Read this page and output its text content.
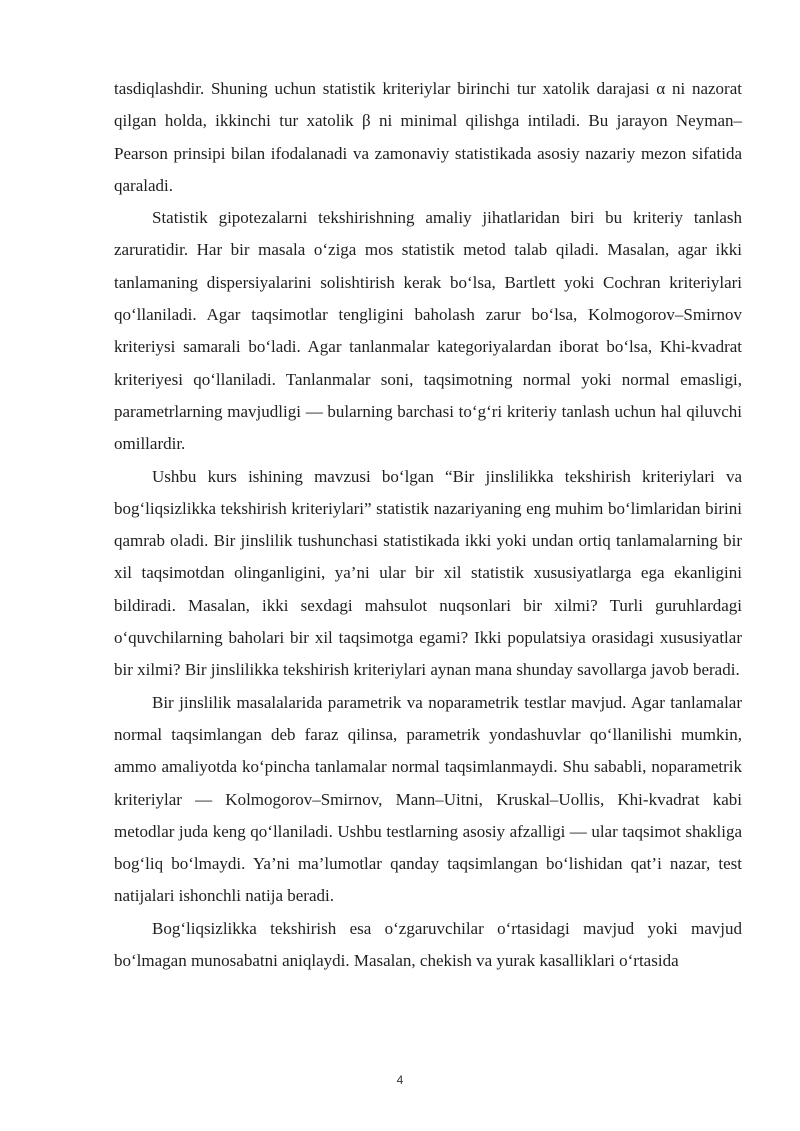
tasdiqlashdir. Shuning uchun statistik kriteriylar birinchi tur xatolik darajasi α ni nazorat qilgan holda, ikkinchi tur xatolik β ni minimal qilishga intiladi. Bu jarayon Neyman–Pearson prinsipi bilan ifodalanadi va zamonaviy statistikada asosiy nazariy mezon sifatida qaraladi.

Statistik gipotezalarni tekshirishning amaliy jihatlaridan biri bu kriteriy tanlash zaruratidir. Har bir masala o‘ziga mos statistik metod talab qiladi. Masalan, agar ikki tanlamaning dispersiyalarini solishtirish kerak bo‘lsa, Bartlett yoki Cochran kriteriylari qo‘llaniladi. Agar taqsimotlar tengligini baholash zarur bo‘lsa, Kolmogorov–Smirnov kriteriysi samarali bo‘ladi. Agar tanlanmalar kategoriyalardan iborat bo‘lsa, Khi-kvadrat kriteriyesi qo‘llaniladi. Tanlanmalar soni, taqsimotning normal yoki normal emasligi, parametrlarning mavjudligi — bularning barchasi to‘g‘ri kriteriy tanlash uchun hal qiluvchi omillardir.

Ushbu kurs ishining mavzusi bo‘lgan “Bir jinslilikka tekshirish kriteriylari va bog‘liqsizlikka tekshirish kriteriylari” statistik nazariyaning eng muhim bo‘limlaridan birini qamrab oladi. Bir jinslilik tushunchasi statistikada ikki yoki undan ortiq tanlamalarning bir xil taqsimotdan olinganligini, ya’ni ular bir xil statistik xususiyatlarga ega ekanligini bildiradi. Masalan, ikki sexdagi mahsulot nuqsonlari bir xilmi? Turli guruhlardagi o‘quvchilarning baholari bir xil taqsimotga egami? Ikki populatsiya orasidagi xususiyatlar bir xilmi? Bir jinslilikka tekshirish kriteriylari aynan mana shunday savollarga javob beradi.

Bir jinslilik masalalarida parametrik va noparametrik testlar mavjud. Agar tanlamalar normal taqsimlangan deb faraz qilinsa, parametrik yondashuvlar qo‘llanilishi mumkin, ammo amaliyotda ko‘pincha tanlamalar normal taqsimlanmaydi. Shu sababli, noparametrik kriteriylar — Kolmogorov–Smirnov, Mann–Uitni, Kruskal–Uollis, Khi-kvadrat kabi metodlar juda keng qo‘llaniladi. Ushbu testlarning asosiy afzalligi — ular taqsimot shakliga bog‘liq bo‘lmaydi. Ya’ni ma’lumotlar qanday taqsimlangan bo‘lishidan qat’i nazar, test natijalari ishonchli natija beradi.

Bog‘liqsizlikka tekshirish esa o‘zgaruvchilar o‘rtasidagi mavjud yoki mavjud bo‘lmagan munosabatni aniqlaydi. Masalan, chekish va yurak kasalliklari o‘rtasida

4
